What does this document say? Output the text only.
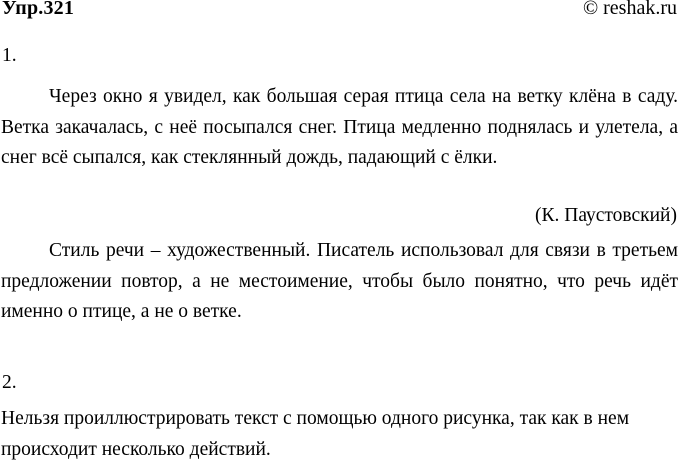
Упр.321	© reshak.ru
1.

Через окно я увидел, как большая серая птица села на ветку клёна в саду. Ветка закачалась, с неё посыпался снег. Птица медленно поднялась и улетела, а снег всё сыпался, как стеклянный дождь, падающий с ёлки.

(К. Паустовский)

Стиль речи – художественный. Писатель использовал для связи в третьем предложении повтор, а не местоимение, чтобы было понятно, что речь идёт именно о птице, а не о ветке.

2.

Нельзя проиллюстрировать текст с помощью одного рисунка, так как в нем происходит несколько действий.
